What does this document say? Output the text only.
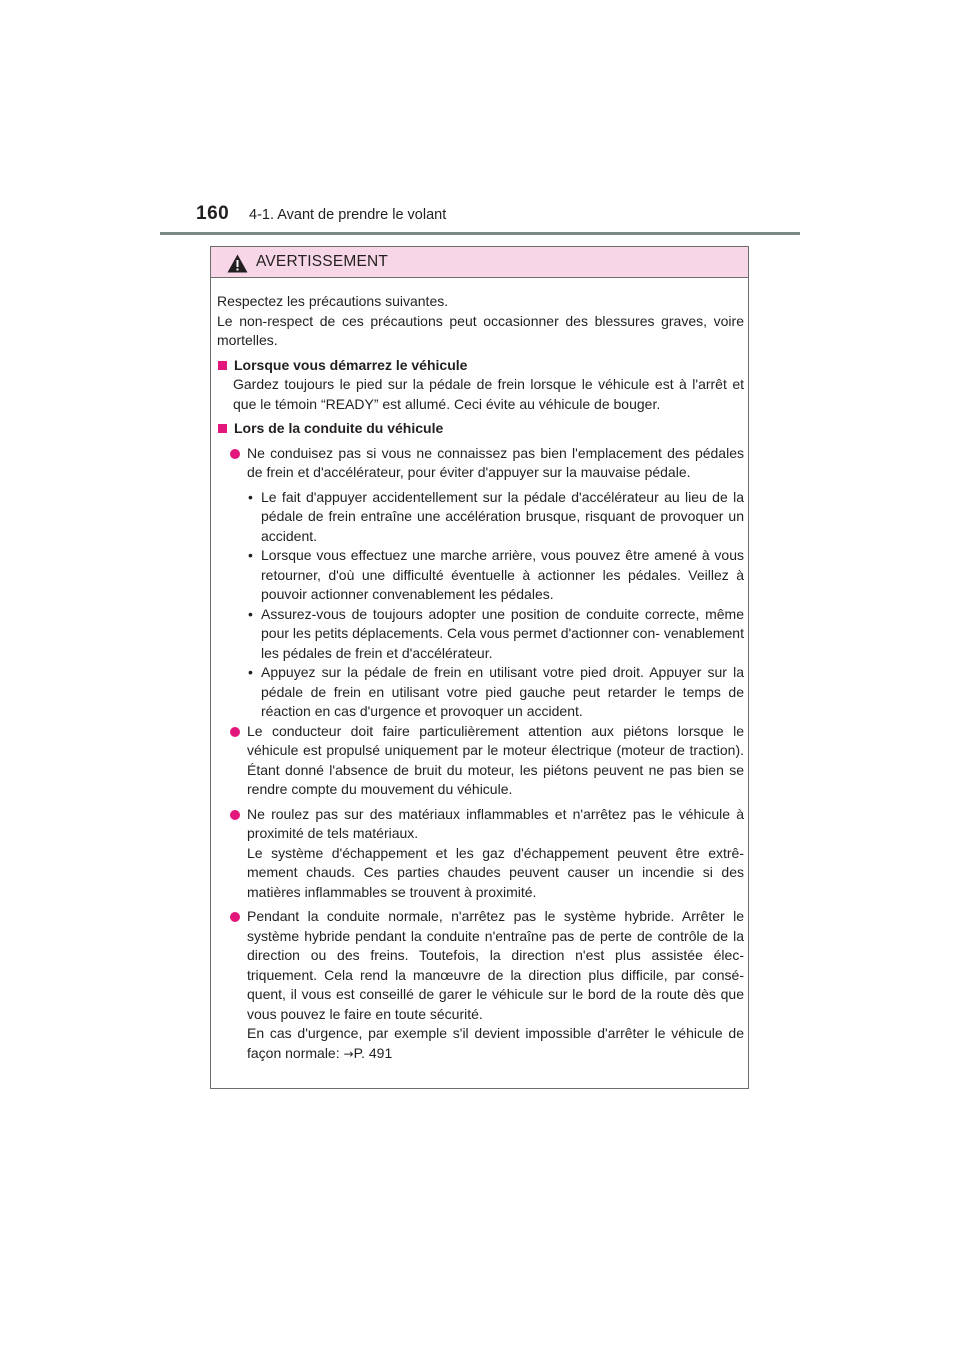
160 4-1. Avant de prendre le volant
AVERTISSEMENT

Respectez les précautions suivantes.

Le non-respect de ces précautions peut occasionner des blessures graves, voire mortelles.

Lorsque vous démarrez le véhicule

Gardez toujours le pied sur la pédale de frein lorsque le véhicule est à l'arrêt et que le témoin “READY” est allumé. Ceci évite au véhicule de bouger.

Lors de la conduite du véhicule

Ne conduisez pas si vous ne connaissez pas bien l'emplacement des pédales de frein et d'accélérateur, pour éviter d'appuyer sur la mauvaise pédale.

• Le fait d'appuyer accidentellement sur la pédale d'accélérateur au lieu de la pédale de frein entraîne une accélération brusque, risquant de provoquer un accident.
• Lorsque vous effectuez une marche arrière, vous pouvez être amené à vous retourner, d'où une difficulté éventuelle à actionner les pédales. Veillez à pouvoir actionner convenablement les pédales.
• Assurez-vous de toujours adopter une position de conduite correcte, même pour les petits déplacements. Cela vous permet d'actionner con- venablement les pédales de frein et d'accélérateur.
• Appuyez sur la pédale de frein en utilisant votre pied droit. Appuyer sur la pédale de frein en utilisant votre pied gauche peut retarder le temps de réaction en cas d'urgence et provoquer un accident.

Le conducteur doit faire particulièrement attention aux piétons lorsque le véhicule est propulsé uniquement par le moteur électrique (moteur de traction). Étant donné l'absence de bruit du moteur, les piétons peuvent ne pas bien se rendre compte du mouvement du véhicule.

Ne roulez pas sur des matériaux inflammables et n'arrêtez pas le véhicule à proximité de tels matériaux.

Le système d'échappement et les gaz d'échappement peuvent être extrê- mement chauds. Ces parties chaudes peuvent causer un incendie si des matières inflammables se trouvent à proximité.

Pendant la conduite normale, n'arrêtez pas le système hybride. Arrêter le système hybride pendant la conduite n'entraîne pas de perte de contrôle de la direction ou des freins. Toutefois, la direction n'est plus assistée élec- triquement. Cela rend la manœuvre de la direction plus difficile, par consé- quent, il vous est conseillé de garer le véhicule sur le bord de la route dès que vous pouvez le faire en toute sécurité.

En cas d'urgence, par exemple s'il devient impossible d'arrêter le véhicule de façon normale: →P. 491
